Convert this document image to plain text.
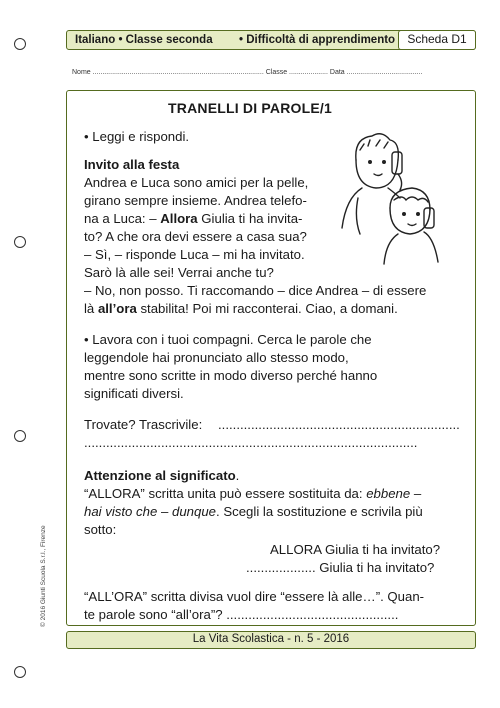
Italiano • Classe seconda • Difficoltà di apprendimento	Scheda D1
Nome ........................................................................................ Classe .................... Data .......................................
TRANELLI DI PAROLE/1
• Leggi e rispondi.
Invito alla festa
Andrea e Luca sono amici per la pelle,
girano sempre insieme. Andrea telefo-
na a Luca: – Allora Giulia ti ha invita-
to? A che ora devi essere a casa sua?
– Sì, – risponde Luca – mi ha invitato.
Sarò là alle sei! Verrai anche tu?
– No, non posso. Ti raccomando – dice Andrea – di essere
là all’ora stabilita! Poi mi racconterai. Ciao, a domani.
• Lavora con i tuoi compagni. Cerca le parole che
leggendole hai pronunciato allo stesso modo,
mentre sono scritte in modo diverso perché hanno
significati diversi.
Trovate? Trascrivile: ..................................................................
...........................................................................................
Attenzione al significato.
“ALLORA” scritta unita può essere sostituita da: ebbene –
hai visto che – dunque. Scegli la sostituzione e scrivila più
sotto:
ALLORA Giulia ti ha invitato?
................... Giulia ti ha invitato?
“ALL’ORA” scritta divisa vuol dire “essere là alle…”. Quan-
te parole sono “all’ora”? ...............................................
La Vita Scolastica - n. 5 - 2016
© 2016 Giunti Scuola S.r.l., Firenze
